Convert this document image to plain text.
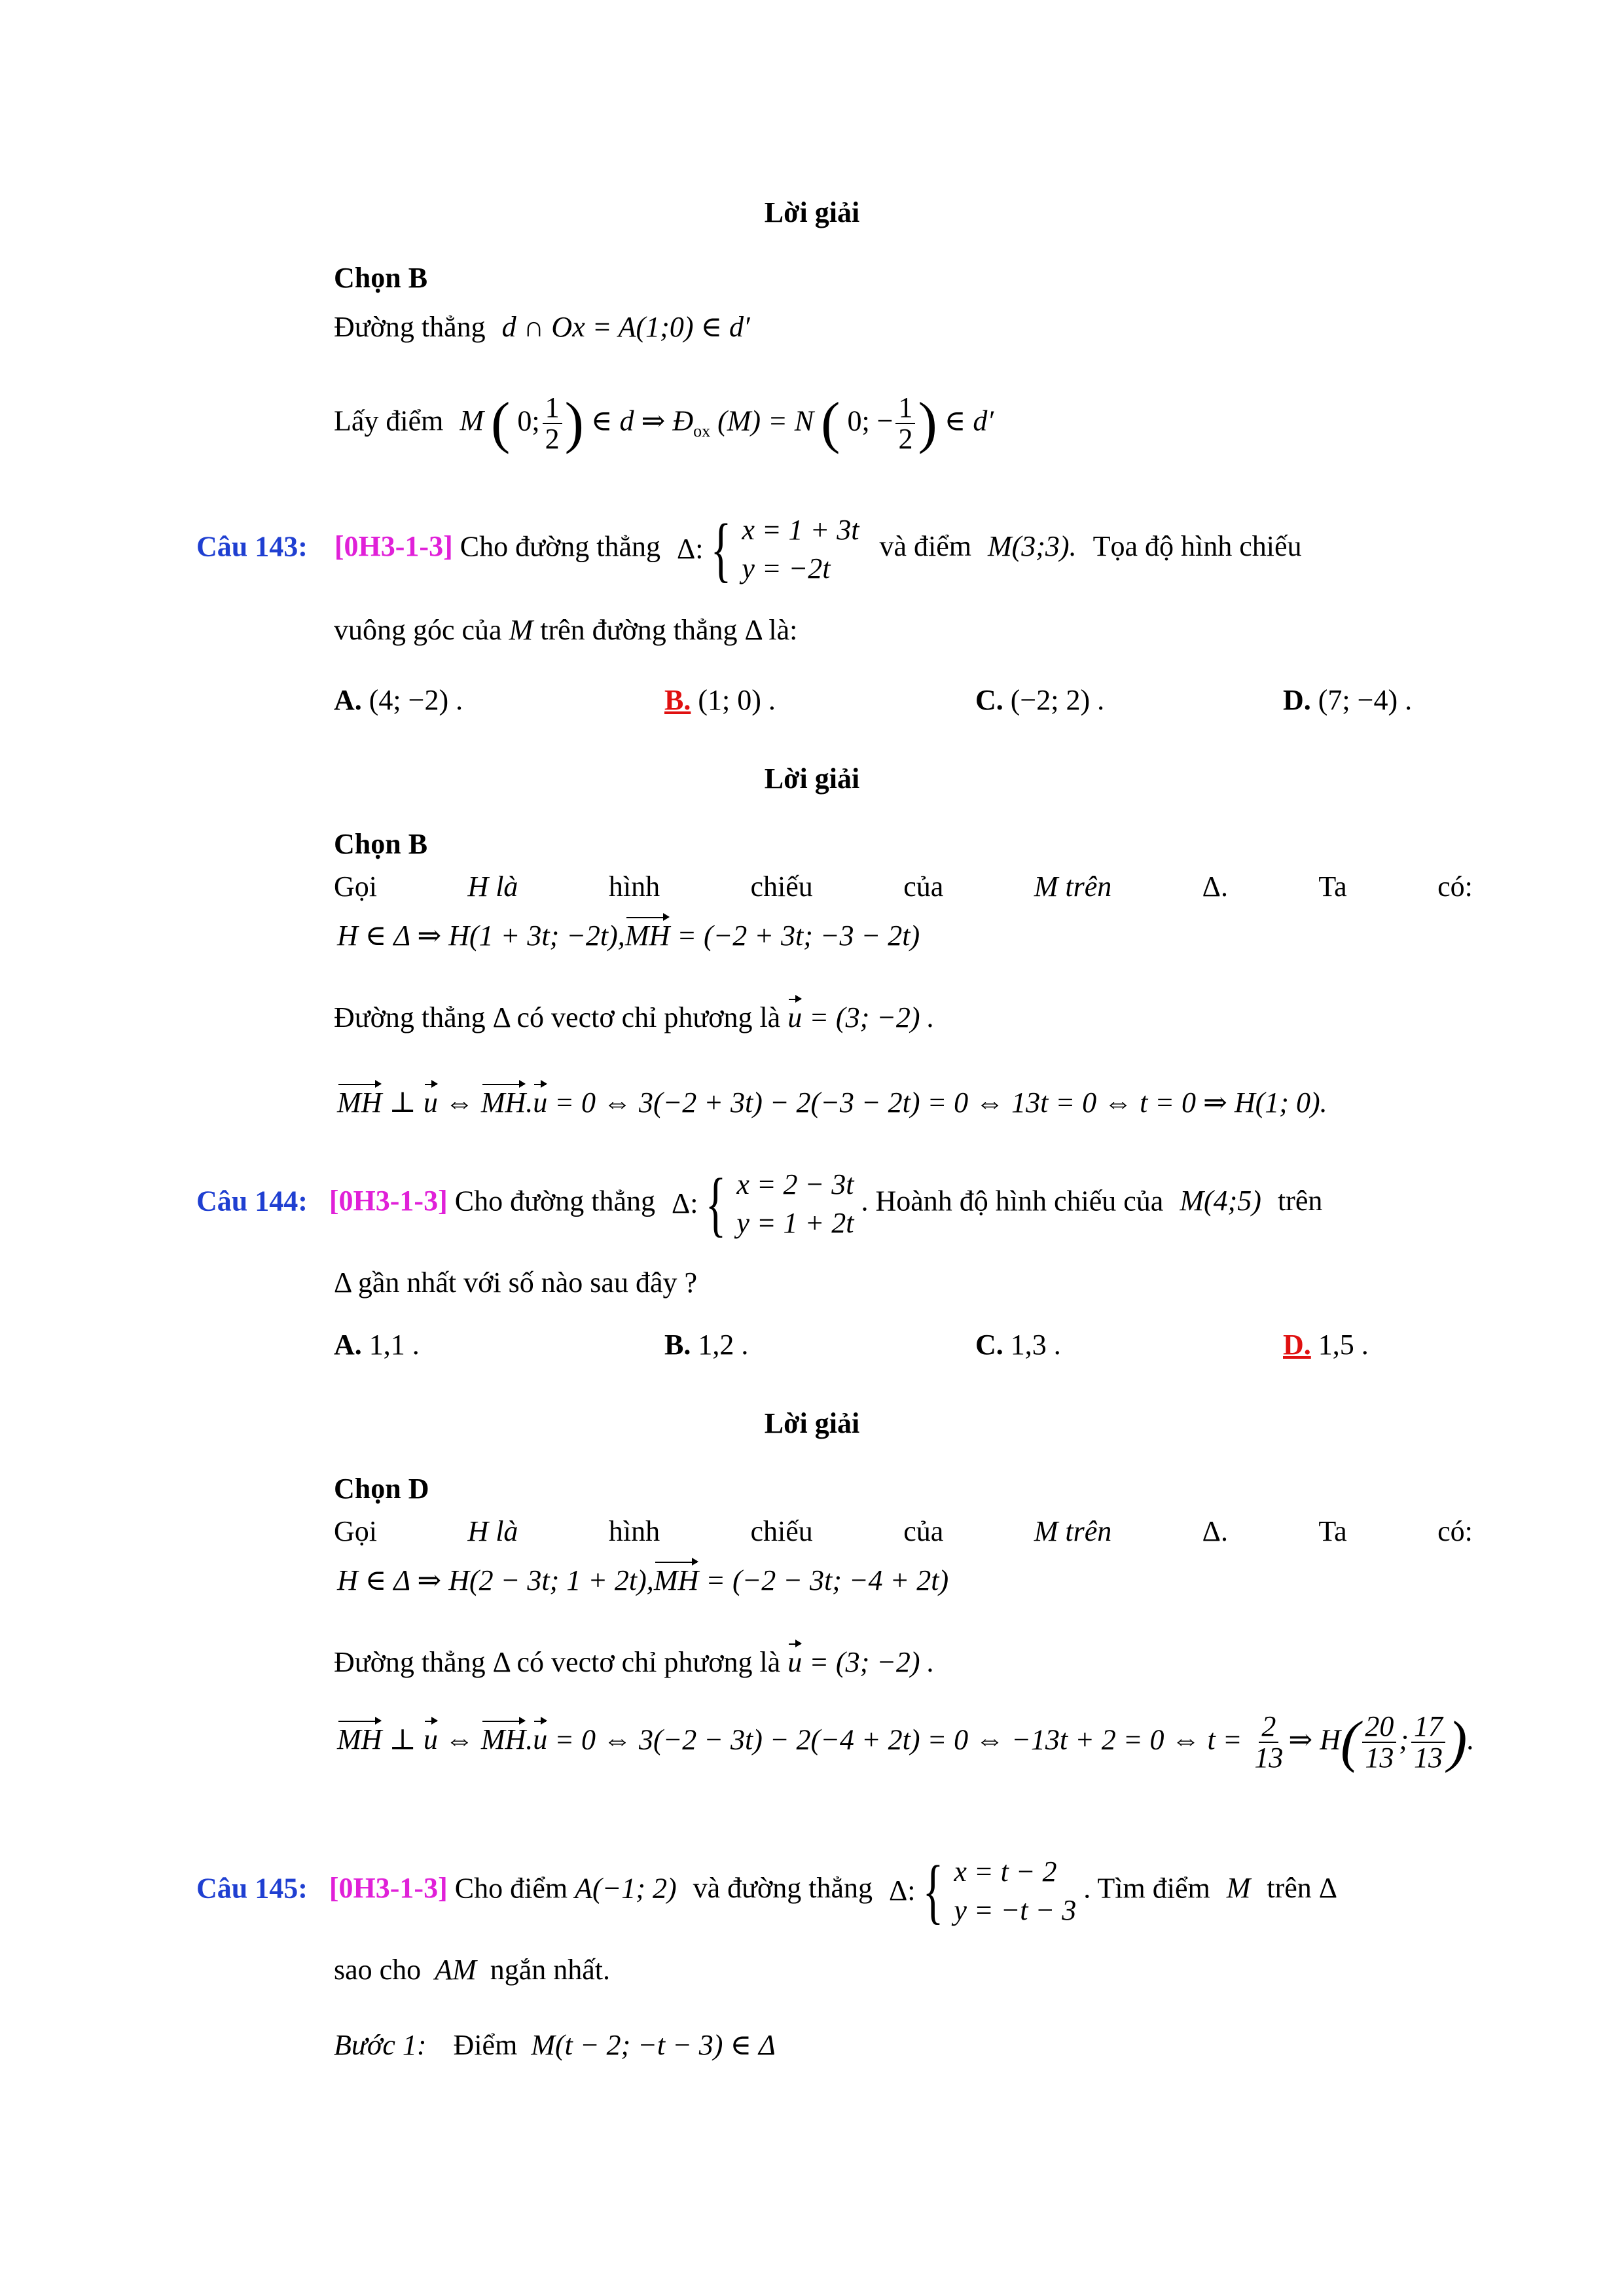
Lời giải
Chọn B
Đường thẳng d ∩ Ox = A(1;0) ∈ d′
Lấy điểm M ( 0; $\frac{1}{2}$ ) ∈ d ⇒ $Đ_{ox}$ (M) = N ( 0; − $\frac{1}{2}$ ) ∈ d′
Câu 143: [0H3-1-3] Cho đường thẳng Δ: { x = 1 + 3t
y = −2t
và điểm M(3;3). Tọa độ hình chiếu
vuông góc của M trên đường thẳng Δ là:
A. (4; −2) .	B. (1; 0) .	C. (−2; 2) .	D. (7; −4) .
Lời giải
Chọn B
Gọi	H là	hình	chiếu	của	M trên	Δ.	Ta	có:
H ∈ Δ ⇒ H(1 + 3t; −2t),MH = (−2 + 3t; −3 − 2t)
Đường thẳng Δ có vectơ chỉ phương là u = (3; −2) .
MH ⊥ u ⇔ MH.u = 0 ⇔ 3(−2 + 3t) − 2(−3 − 2t) = 0 ⇔ 13t = 0 ⇔ t = 0 ⇒ H(1; 0).
Câu 144: [0H3-1-3] Cho đường thẳng Δ: { x = 2 − 3t
y = 1 + 2t
. Hoành độ hình chiếu của M(4;5) trên
Δ gần nhất với số nào sau đây ?
A. 1,1 .	B. 1,2 .	C. 1,3 .	D. 1,5 .
Lời giải
Chọn D
Gọi	H là	hình	chiếu	của	M trên	Δ.	Ta	có:
H ∈ Δ ⇒ H(2 − 3t; 1 + 2t),MH = (−2 − 3t; −4 + 2t)
Đường thẳng Δ có vectơ chỉ phương là u = (3; −2) .
MH ⊥ u ⇔ MH.u = 0 ⇔ 3(−2 − 3t) − 2(−4 + 2t) = 0 ⇔ −13t + 2 = 0 ⇔ $t = \frac{2}{13}$ ⇒ $H( \frac{20}{13}$ ; $\frac{17}{13}$ ).
Câu 145: [0H3-1-3] Cho điểm A(−1; 2) và đường thẳng Δ: { x = t − 2
y = −t − 3
. Tìm điểm M trên Δ
sao cho AM ngắn nhất.
Bước 1: Điểm M(t − 2; −t − 3) ∈ Δ
